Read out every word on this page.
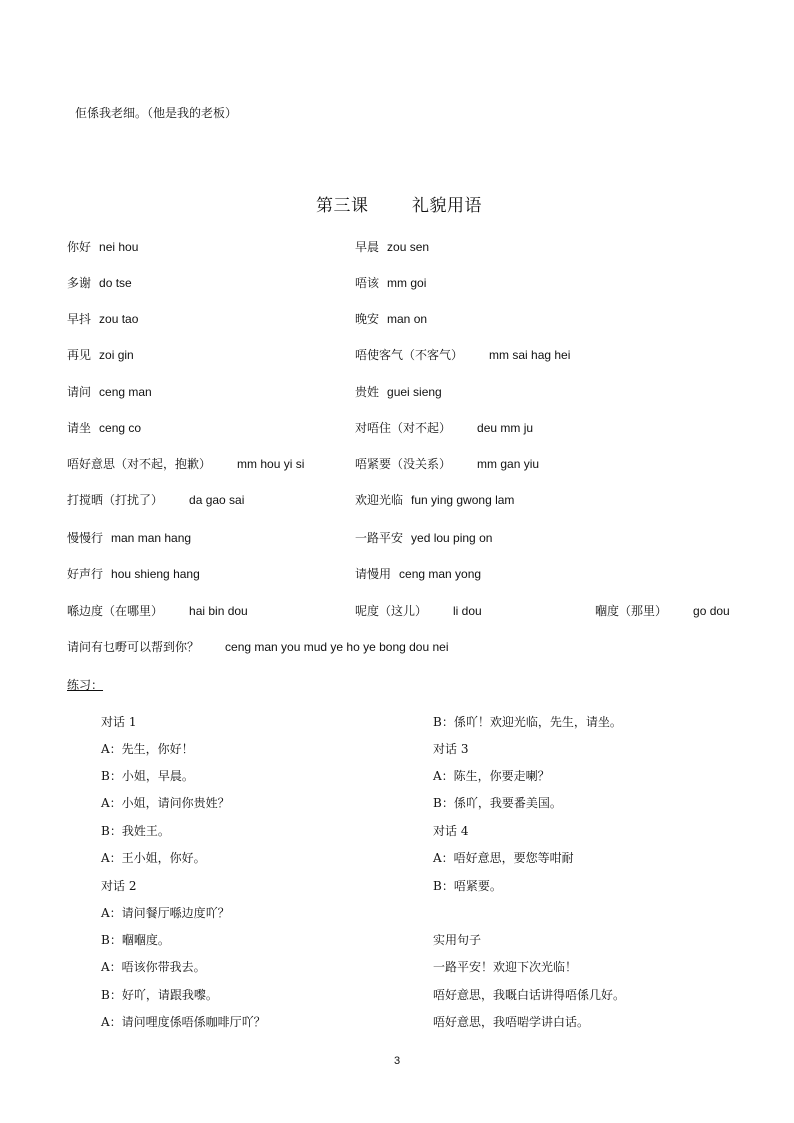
佢係我老细。（他是我的老板）
第三课	礼貌用语
你好 nei hou	早晨 zou sen
多谢 do tse	唔该 mm goi
早抖 zou tao	晚安 man on
再见 zoi gin	唔使客气（不客气） mm sai hag hei
请问 ceng man	贵姓 guei sieng
请坐 ceng co	对唔住（对不起） deu mm ju
唔好意思（对不起，抱歉） mm hou yi si	唔紧要（没关系） mm gan yiu
打搅晒（打扰了） da gao sai	欢迎光临 fun ying gwong lam
慢慢行 man man hang	一路平安 yed lou ping on
好声行 hou shieng hang	请慢用 ceng man yong
喺边度（在哪里） hai bin dou	呢度（这儿） li dou	嗰度（那里） go dou
请问有乜嘢可以帮到你？ ceng man you mud ye ho ye bong dou nei
练习：
对话 1
A：先生，你好！
B：小姐，早晨。
A：小姐，请问你贵姓？
B：我姓王。
A：王小姐，你好。
对话 2
A：请问餐厅喺边度吖？
B：嗰嗰度。
A：唔该你带我去。
B：好吖，请跟我嚟。
A：请问哩度係唔係咖啡厅吖？
B：係吖！欢迎光临，先生，请坐。
对话 3
A：陈生，你要走喇？
B：係吖，我要番美国。
对话 4
A：唔好意思，要您等咁耐
B：唔紧要。
实用句子
一路平安！欢迎下次光临！
唔好意思，我嘅白话讲得唔係几好。
唔好意思，我唔啱学讲白话。
3
